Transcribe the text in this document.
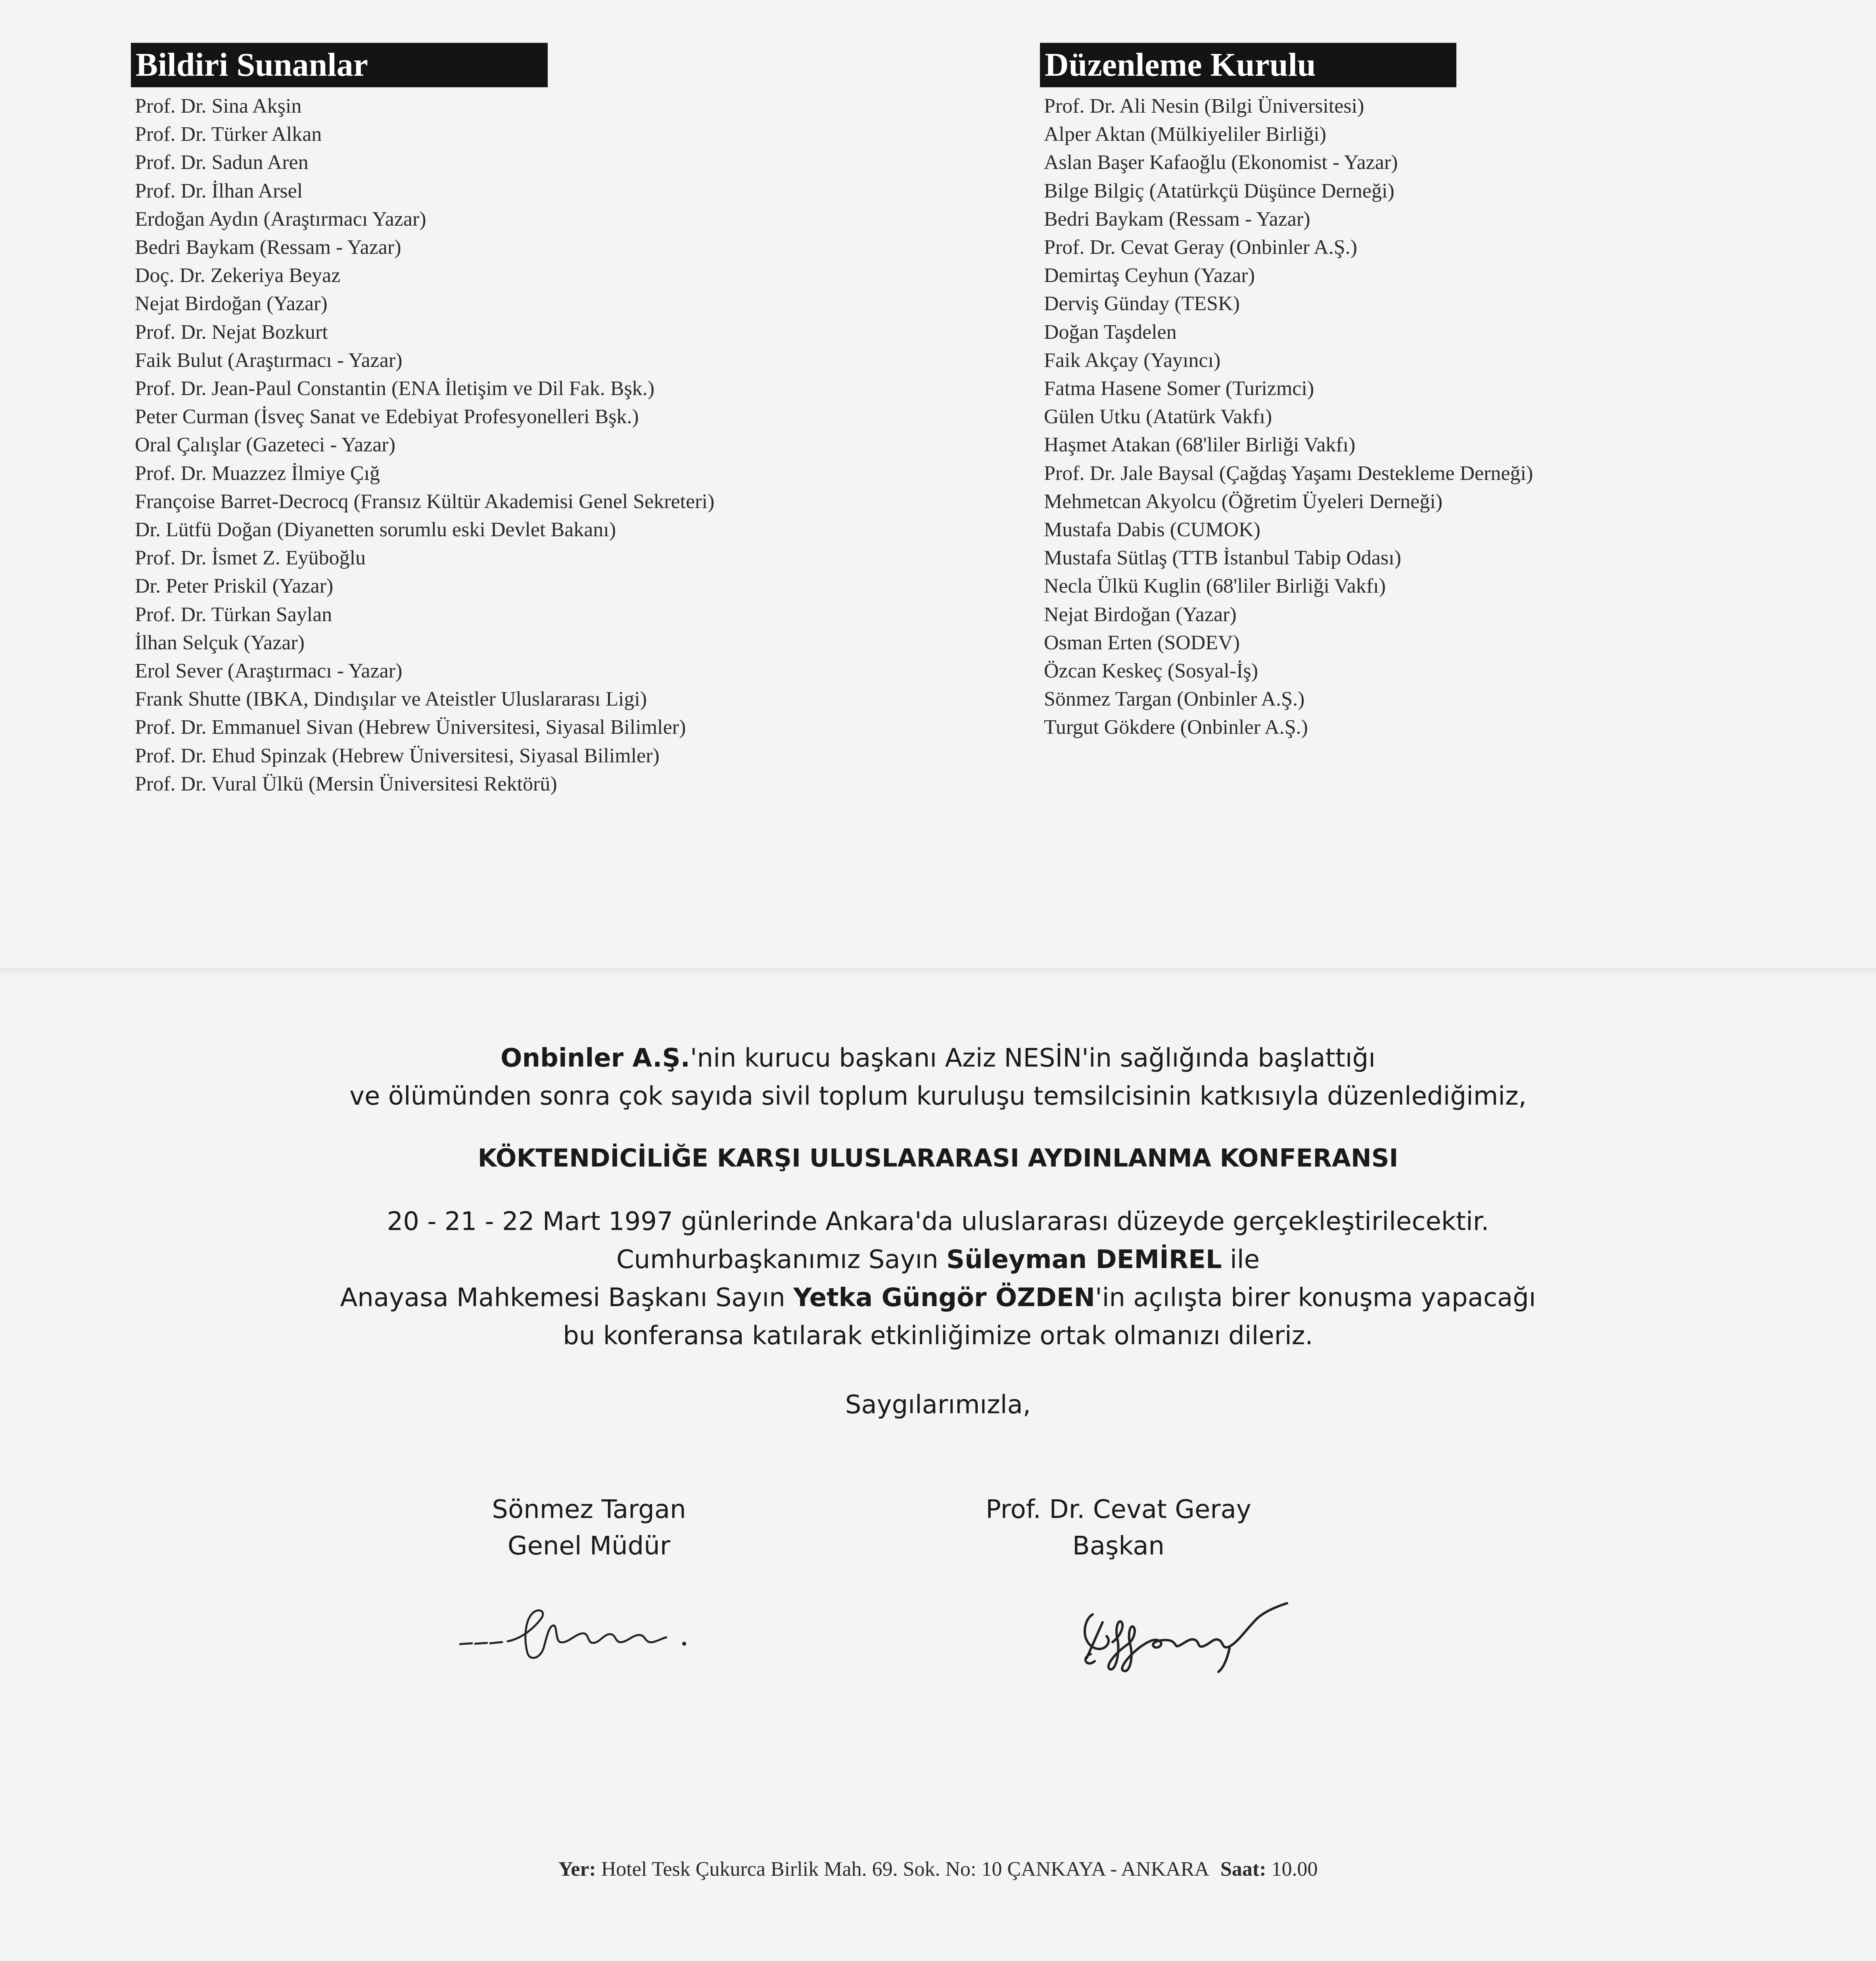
Bildiri Sunanlar
Prof. Dr. Sina Akşin
Prof. Dr. Türker Alkan
Prof. Dr. Sadun Aren
Prof. Dr. İlhan Arsel
Erdoğan Aydın (Araştırmacı Yazar)
Bedri Baykam (Ressam - Yazar)
Doç. Dr. Zekeriya Beyaz
Nejat Birdoğan (Yazar)
Prof. Dr. Nejat Bozkurt
Faik Bulut (Araştırmacı - Yazar)
Prof. Dr. Jean-Paul Constantin (ENA İletişim ve Dil Fak. Bşk.)
Peter Curman (İsveç Sanat ve Edebiyat Profesyonelleri Bşk.)
Oral Çalışlar (Gazeteci - Yazar)
Prof. Dr. Muazzez İlmiye Çığ
Françoise Barret-Decrocq (Fransız Kültür Akademisi Genel Sekreteri)
Dr. Lütfü Doğan (Diyanetten sorumlu eski Devlet Bakanı)
Prof. Dr. İsmet Z. Eyüboğlu
Dr. Peter Priskil (Yazar)
Prof. Dr. Türkan Saylan
İlhan Selçuk (Yazar)
Erol Sever (Araştırmacı - Yazar)
Frank Shutte (IBKA, Dindışılar ve Ateistler Uluslararası Ligi)
Prof. Dr. Emmanuel Sivan (Hebrew Üniversitesi, Siyasal Bilimler)
Prof. Dr. Ehud Spinzak (Hebrew Üniversitesi, Siyasal Bilimler)
Prof. Dr. Vural Ülkü (Mersin Üniversitesi Rektörü)
Düzenleme Kurulu
Prof. Dr. Ali Nesin (Bilgi Üniversitesi)
Alper Aktan (Mülkiyeliler Birliği)
Aslan Başer Kafaoğlu (Ekonomist - Yazar)
Bilge Bilgiç (Atatürkçü Düşünce Derneği)
Bedri Baykam (Ressam - Yazar)
Prof. Dr. Cevat Geray (Onbinler A.Ş.)
Demirtaş Ceyhun (Yazar)
Derviş Günday (TESK)
Doğan Taşdelen
Faik Akçay (Yayıncı)
Fatma Hasene Somer (Turizmci)
Gülen Utku (Atatürk Vakfı)
Haşmet Atakan (68'liler Birliği Vakfı)
Prof. Dr. Jale Baysal (Çağdaş Yaşamı Destekleme Derneği)
Mehmetcan Akyolcu (Öğretim Üyeleri Derneği)
Mustafa Dabis (CUMOK)
Mustafa Sütlaş (TTB İstanbul Tabip Odası)
Necla Ülkü Kuglin (68'liler Birliği Vakfı)
Nejat Birdoğan (Yazar)
Osman Erten (SODEV)
Özcan Keskeç (Sosyal-İş)
Sönmez Targan (Onbinler A.Ş.)
Turgut Gökdere (Onbinler A.Ş.)
Onbinler A.Ş.'nin kurucu başkanı Aziz NESİN'in sağlığında başlattığı
ve ölümünden sonra çok sayıda sivil toplum kuruluşu temsilcisinin katkısıyla düzenlediğimiz,
KÖKTENDİCİLİĞE KARŞI ULUSLARARASI AYDINLANMA KONFERANSI
20 - 21 - 22 Mart 1997 günlerinde Ankara'da uluslararası düzeyde gerçekleştirilecektir.
Cumhurbaşkanımız Sayın Süleyman DEMİREL ile
Anayasa Mahkemesi Başkanı Sayın Yetka Güngör ÖZDEN'in açılışta birer konuşma yapacağı
bu konferansa katılarak etkinliğimize ortak olmanızı dileriz.
Saygılarımızla,
Sönmez Targan
Genel Müdür
Prof. Dr. Cevat Geray
Başkan
Yer: Hotel Tesk Çukurca Birlik Mah. 69. Sok. No: 10 ÇANKAYA - ANKARA Saat: 10.00
